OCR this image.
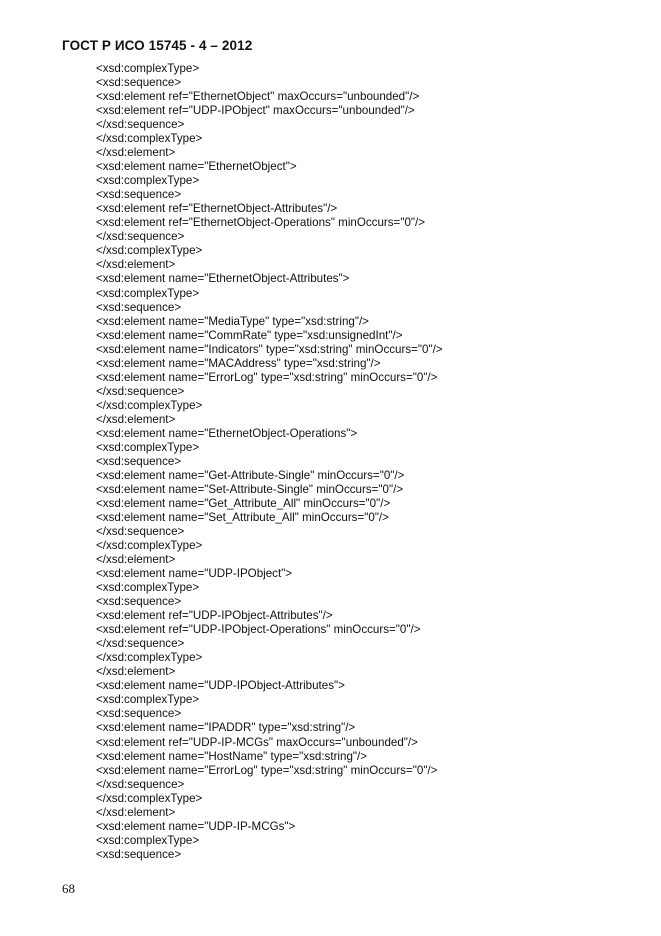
ГОСТ Р ИСО 15745 - 4 – 2012
<xsd:complexType>
<xsd:sequence>
<xsd:element ref="EthernetObject" maxOccurs="unbounded"/>
<xsd:element ref="UDP-IPObject" maxOccurs="unbounded"/>
</xsd:sequence>
</xsd:complexType>
</xsd:element>
<xsd:element name="EthernetObject">
<xsd:complexType>
<xsd:sequence>
<xsd:element ref="EthernetObject-Attributes"/>
<xsd:element ref="EthernetObject-Operations" minOccurs="0"/>
</xsd:sequence>
</xsd:complexType>
</xsd:element>
<xsd:element name="EthernetObject-Attributes">
<xsd:complexType>
<xsd:sequence>
<xsd:element name="MediaType" type="xsd:string"/>
<xsd:element name="CommRate" type="xsd:unsignedInt"/>
<xsd:element name="Indicators" type="xsd:string" minOccurs="0"/>
<xsd:element name="MACAddress" type="xsd:string"/>
<xsd:element name="ErrorLog" type="xsd:string" minOccurs="0"/>
</xsd:sequence>
</xsd:complexType>
</xsd:element>
<xsd:element name="EthernetObject-Operations">
<xsd:complexType>
<xsd:sequence>
<xsd:element name="Get-Attribute-Single" minOccurs="0"/>
<xsd:element name="Set-Attribute-Single" minOccurs="0"/>
<xsd:element name="Get_Attribute_All" minOccurs="0"/>
<xsd:element name="Set_Attribute_All" minOccurs="0"/>
</xsd:sequence>
</xsd:complexType>
</xsd:element>
<xsd:element name="UDP-IPObject">
<xsd:complexType>
<xsd:sequence>
<xsd:element ref="UDP-IPObject-Attributes"/>
<xsd:element ref="UDP-IPObject-Operations" minOccurs="0"/>
</xsd:sequence>
</xsd:complexType>
</xsd:element>
<xsd:element name="UDP-IPObject-Attributes">
<xsd:complexType>
<xsd:sequence>
<xsd:element name="IPADDR" type="xsd:string"/>
<xsd:element ref="UDP-IP-MCGs" maxOccurs="unbounded"/>
<xsd:element name="HostName" type="xsd:string"/>
<xsd:element name="ErrorLog" type="xsd:string" minOccurs="0"/>
</xsd:sequence>
</xsd:complexType>
</xsd:element>
<xsd:element name="UDP-IP-MCGs">
<xsd:complexType>
<xsd:sequence>
68
